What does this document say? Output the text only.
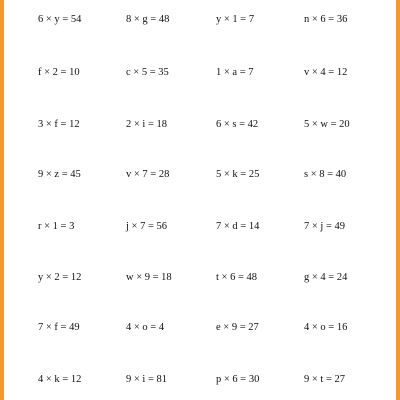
6 × y = 54	8 × g = 48	y × 1 = 7	n × 6 = 36
f × 2 = 10	c × 5 = 35	1 × a = 7	v × 4 = 12
3 × f = 12	2 × i = 18	6 × s = 42	5 × w = 20
9 × z = 45	v × 7 = 28	5 × k = 25	s × 8 = 40
r × 1 = 3	j × 7 = 56	7 × d = 14	7 × j = 49
y × 2 = 12	w × 9 = 18	t × 6 = 48	g × 4 = 24
7 × f = 49	4 × o = 4	e × 9 = 27	4 × o = 16
4 × k = 12	9 × i = 81	p × 6 = 30	9 × t = 27
